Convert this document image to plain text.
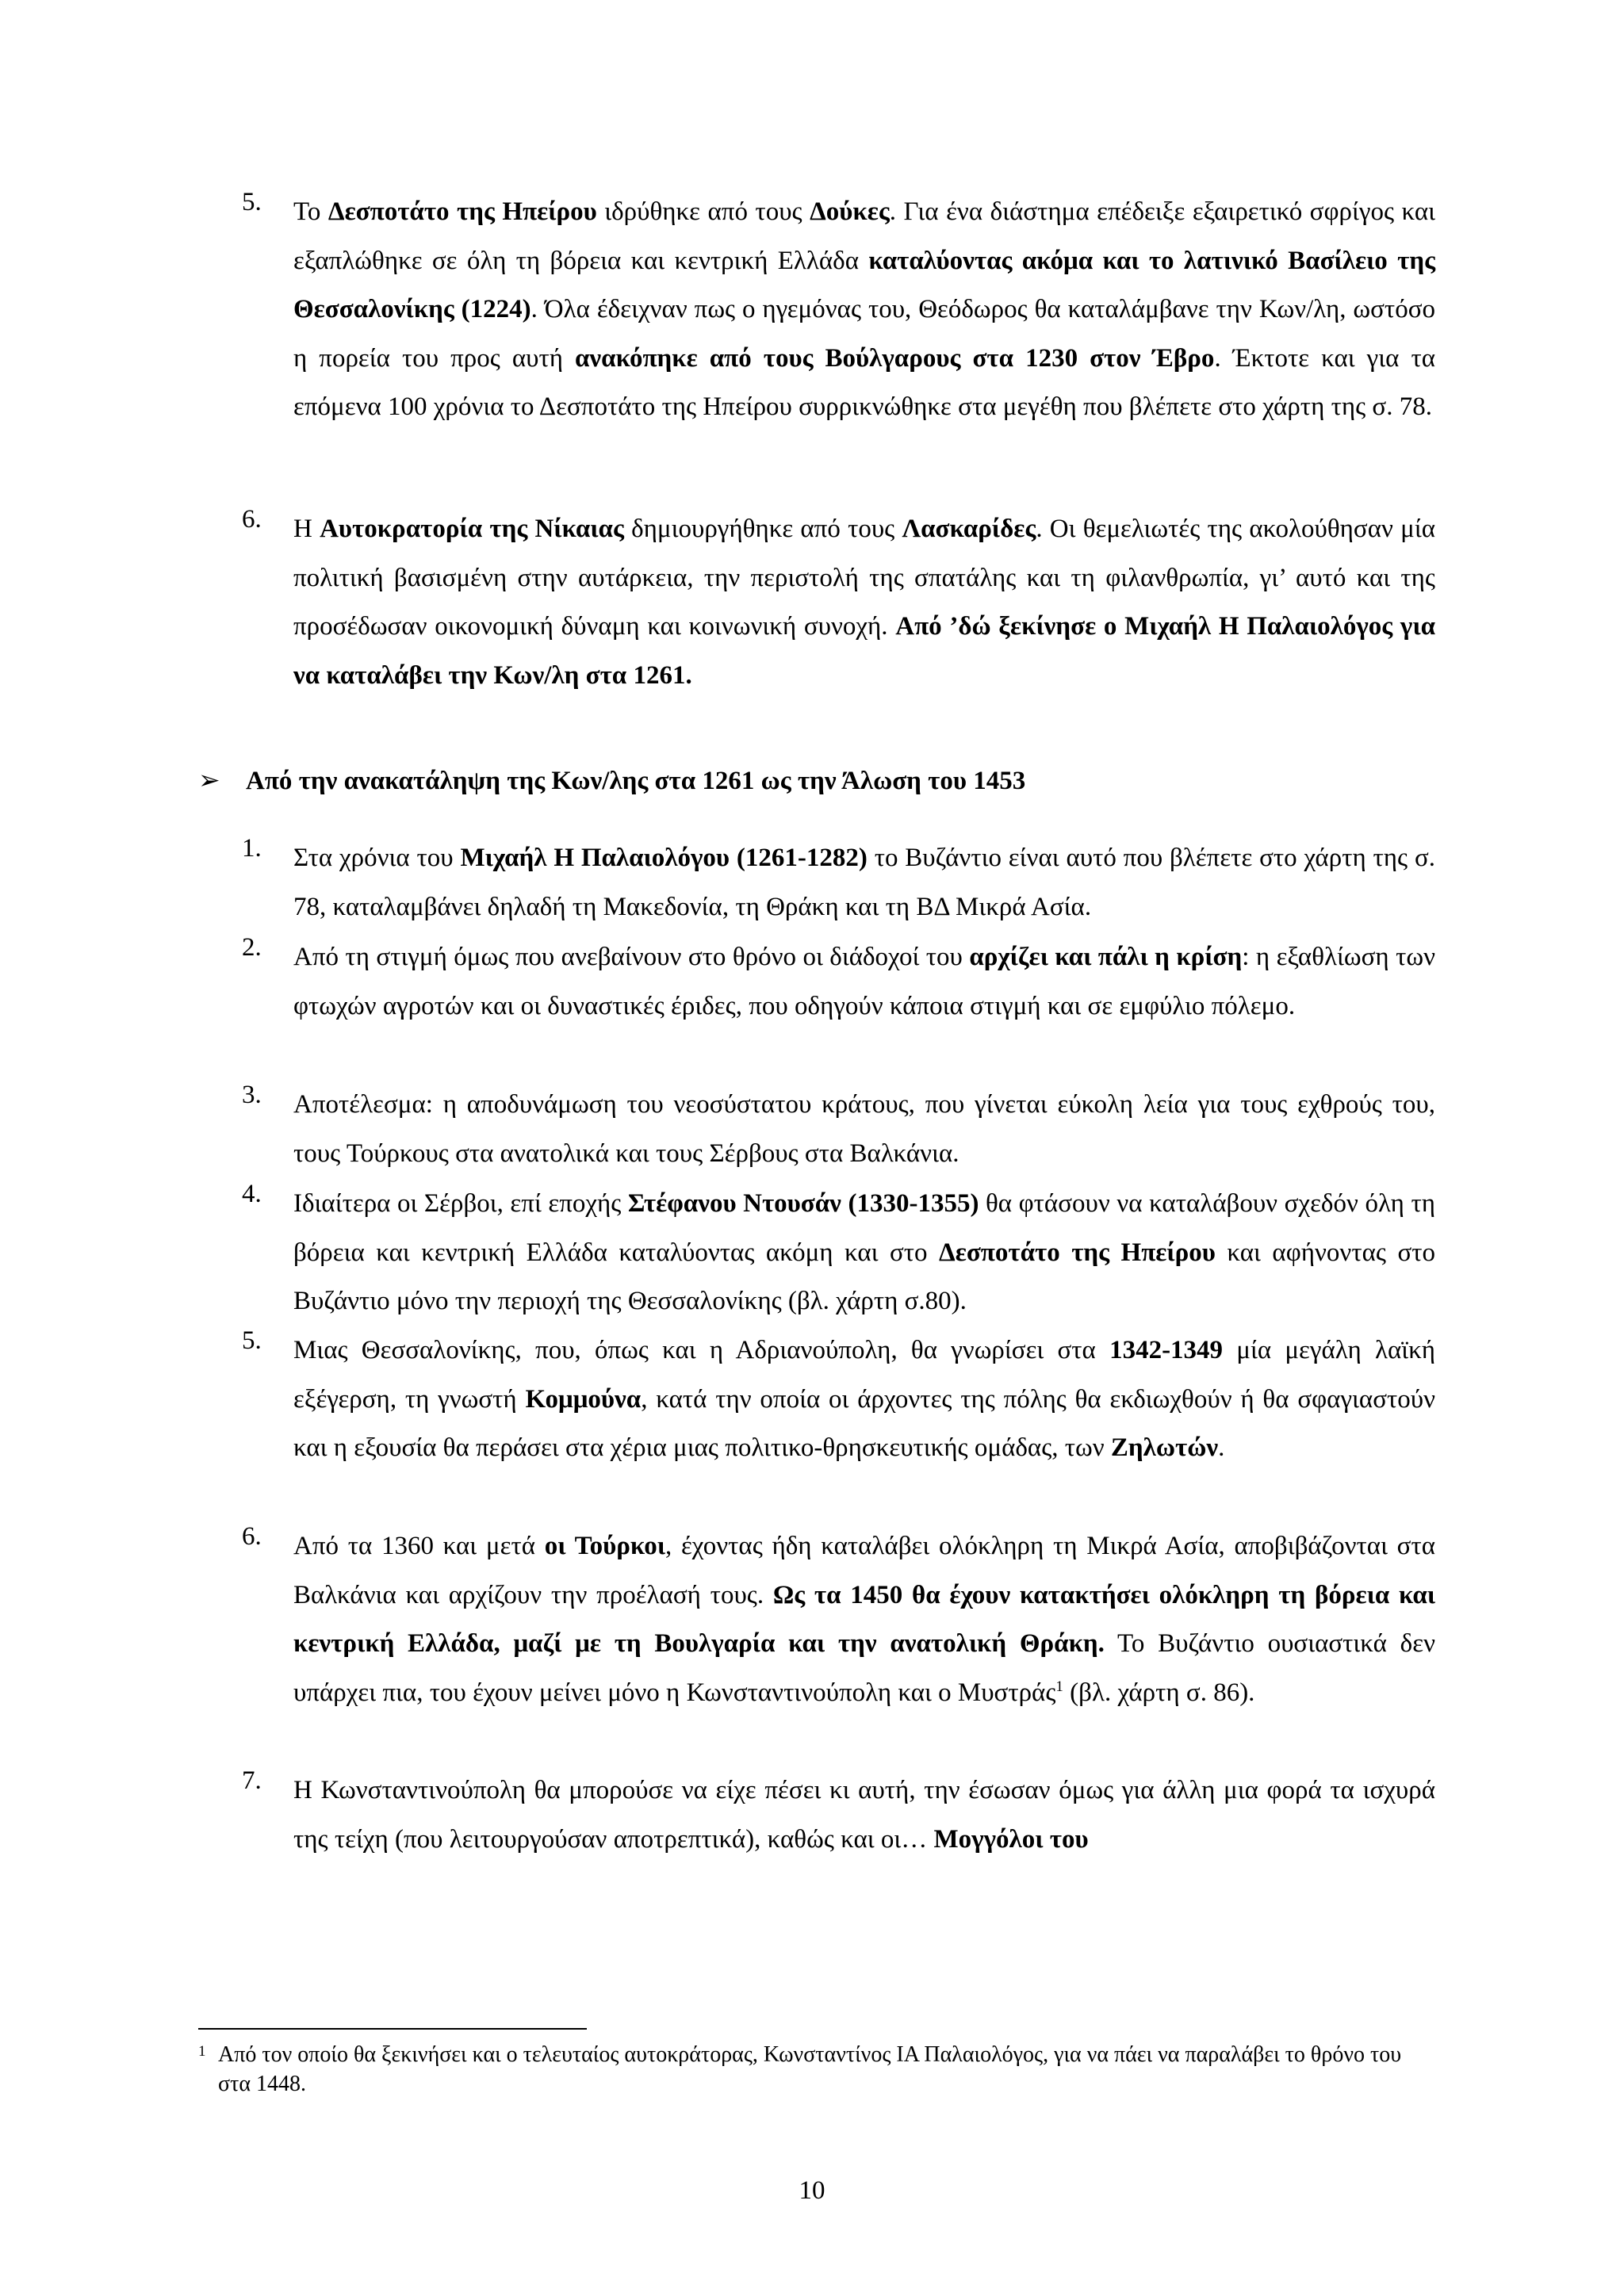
5. Το Δεσποτάτο της Ηπείρου ιδρύθηκε από τους Δούκες. Για ένα διάστημα επέδειξε εξαιρετικό σφρίγος και εξαπλώθηκε σε όλη τη βόρεια και κεντρική Ελλάδα καταλύοντας ακόμα και το λατινικό Βασίλειο της Θεσσαλονίκης (1224). Όλα έδειχναν πως ο ηγεμόνας του, Θεόδωρος θα καταλάμβανε την Κων/λη, ωστόσο η πορεία του προς αυτή ανακόπηκε από τους Βούλγαρους στα 1230 στον Έβρο. Έκτοτε και για τα επόμενα 100 χρόνια το Δεσποτάτο της Ηπείρου συρρικνώθηκε στα μεγέθη που βλέπετε στο χάρτη της σ. 78.
6. Η Αυτοκρατορία της Νίκαιας δημιουργήθηκε από τους Λασκαρίδες. Οι θεμελιωτές της ακολούθησαν μία πολιτική βασισμένη στην αυτάρκεια, την περιστολή της σπατάλης και τη φιλανθρωπία, γι’ αυτό και της προσέδωσαν οικονομική δύναμη και κοινωνική συνοχή. Από ’δώ ξεκίνησε ο Μιχαήλ Η Παλαιολόγος για να καταλάβει την Κων/λη στα 1261.
➢ Από την ανακατάληψη της Κων/λης στα 1261 ως την Άλωση του 1453
1. Στα χρόνια του Μιχαήλ Η Παλαιολόγου (1261-1282) το Βυζάντιο είναι αυτό που βλέπετε στο χάρτη της σ. 78, καταλαμβάνει δηλαδή τη Μακεδονία, τη Θράκη και τη ΒΔ Μικρά Ασία.
2. Από τη στιγμή όμως που ανεβαίνουν στο θρόνο οι διάδοχοί του αρχίζει και πάλι η κρίση: η εξαθλίωση των φτωχών αγροτών και οι δυναστικές έριδες, που οδηγούν κάποια στιγμή και σε εμφύλιο πόλεμο.
3. Αποτέλεσμα: η αποδυνάμωση του νεοσύστατου κράτους, που γίνεται εύκολη λεία για τους εχθρούς του, τους Τούρκους στα ανατολικά και τους Σέρβους στα Βαλκάνια.
4. Ιδιαίτερα οι Σέρβοι, επί εποχής Στέφανου Ντουσάν (1330-1355) θα φτάσουν να καταλάβουν σχεδόν όλη τη βόρεια και κεντρική Ελλάδα καταλύοντας ακόμη και στο Δεσποτάτο της Ηπείρου και αφήνοντας στο Βυζάντιο μόνο την περιοχή της Θεσσαλονίκης (βλ. χάρτη σ.80).
5. Μιας Θεσσαλονίκης, που, όπως και η Αδριανούπολη, θα γνωρίσει στα 1342-1349 μία μεγάλη λαϊκή εξέγερση, τη γνωστή Κομμούνα, κατά την οποία οι άρχοντες της πόλης θα εκδιωχθούν ή θα σφαγιαστούν και η εξουσία θα περάσει στα χέρια μιας πολιτικο-θρησκευτικής ομάδας, των Ζηλωτών.
6. Από τα 1360 και μετά οι Τούρκοι, έχοντας ήδη καταλάβει ολόκληρη τη Μικρά Ασία, αποβιβάζονται στα Βαλκάνια και αρχίζουν την προέλασή τους. Ως τα 1450 θα έχουν κατακτήσει ολόκληρη τη βόρεια και κεντρική Ελλάδα, μαζί με τη Βουλγαρία και την ανατολική Θράκη. Το Βυζάντιο ουσιαστικά δεν υπάρχει πια, του έχουν μείνει μόνο η Κωνσταντινούπολη και ο Μυστράς$^1$ (βλ. χάρτη σ. 86).
7. Η Κωνσταντινούπολη θα μπορούσε να είχε πέσει κι αυτή, την έσωσαν όμως για άλλη μια φορά τα ισχυρά της τείχη (που λειτουργούσαν αποτρεπτικά), καθώς και οι… Μογγόλοι του
1 Από τον οποίο θα ξεκινήσει και ο τελευταίος αυτοκράτορας, Κωνσταντίνος ΙΑ Παλαιολόγος, για να πάει να παραλάβει το θρόνο του στα 1448.
10
